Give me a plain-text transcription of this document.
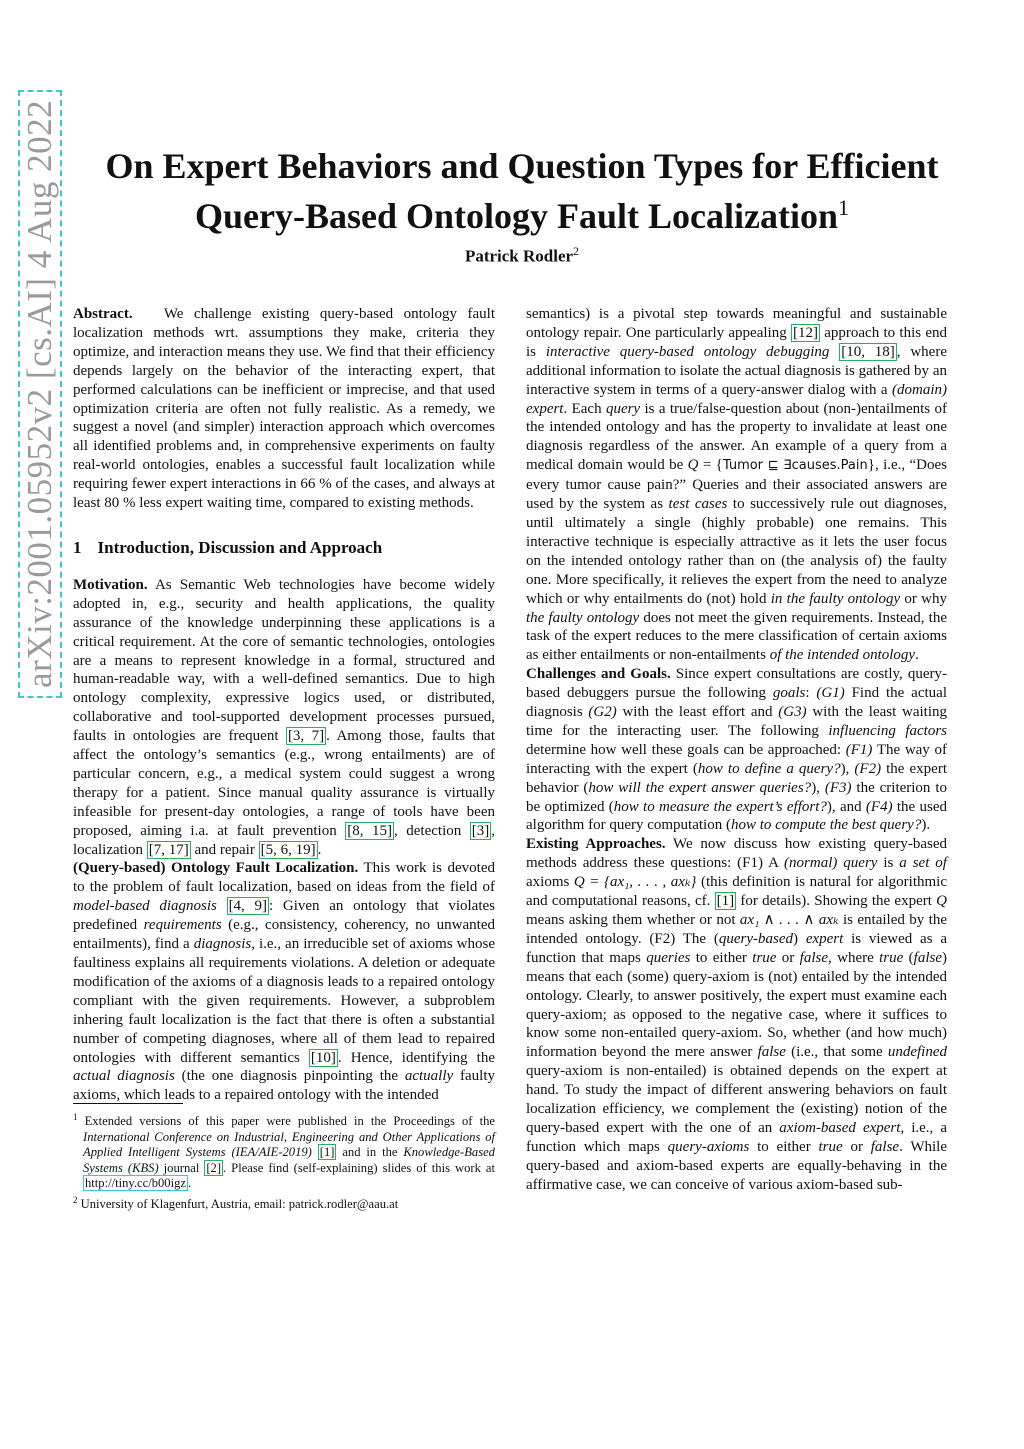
arXiv:2001.05952v2 [cs.AI] 4 Aug 2022	On Expert Behaviors and Question Types for Efficient
Query-Based Ontology Fault Localization$^1$
Patrick Rodler$^2$

Abstract. We challenge existing query-based ontology fault localization methods wrt. assumptions they make, criteria they optimize, and interaction means they use. We find that their efficiency depends largely on the behavior of the interacting expert, that performed calculations can be inefficient or imprecise, and that used optimization criteria are often not fully realistic. As a remedy, we suggest a novel (and simpler) interaction approach which overcomes all identified problems and, in comprehensive experiments on faulty real-world ontologies, enables a successful fault localization while requiring fewer expert interactions in 66 % of the cases, and always at least 80 % less expert waiting time, compared to existing methods.

1 Introduction, Discussion and Approach

Motivation. As Semantic Web technologies have become widely adopted in, e.g., security and health applications, the quality assurance of the knowledge underpinning these applications is a critical requirement. At the core of semantic technologies, ontologies are a means to represent knowledge in a formal, structured and human-readable way, with a well-defined semantics. Due to high ontology complexity, expressive logics used, or distributed, collaborative and tool-supported development processes pursued, faults in ontologies are frequent [3, 7] . Among those, faults that affect the ontology’s semantics (e.g., wrong entailments) are of particular concern, e.g., a medical system could suggest a wrong therapy for a patient. Since manual quality assurance is virtually infeasible for present-day ontologies, a range of tools have been proposed, aiming i.a. at fault prevention [8, 15] , detection [3] , localization [7, 17] and repair [5, 6, 19] .

(Query-based) Ontology Fault Localization. This work is devoted to the problem of fault localization, based on ideas from the field of model-based diagnosis [4, 9] : Given an ontology that violates predefined requirements (e.g., consistency, coherency, no unwanted entailments), find a diagnosis, i.e., an irreducible set of axioms whose faultiness explains all requirements violations. A deletion or adequate modification of the axioms of a diagnosis leads to a repaired ontology compliant with the given requirements. However, a subproblem inhering fault localization is the fact that there is often a substantial number of competing diagnoses, where all of them lead to repaired ontologies with different semantics [10] . Hence, identifying the actual diagnosis (the one diagnosis pinpointing the actually faulty axioms, which leads to a repaired ontology with the intended

$^1$ Extended versions of this paper were published in the Proceedings of the International Conference on Industrial, Engineering and Other Applications of Applied Intelligent Systems (IEA/AIE-2019) [1] and in the Knowledge-Based Systems (KBS) journal [2] . Please find (self-explaining) slides of this work at http://tiny.cc/b00igz .

$^2$ University of Klagenfurt, Austria, email: patrick.rodler@aau.at

semantics) is a pivotal step towards meaningful and sustainable ontology repair. One particularly appealing [12] approach to this end is interactive query-based ontology debugging [10, 18] , where additional information to isolate the actual diagnosis is gathered by an interactive system in terms of a query-answer dialog with a (domain) expert. Each query is a true/false-question about (non-)entailments of the intended ontology and has the property to invalidate at least one diagnosis regardless of the answer. An example of a query from a medical domain would be Q = {Tumor ⊑ ∃causes.Pain}, i.e., “Does every tumor cause pain?” Queries and their associated answers are used by the system as test cases to successively rule out diagnoses, until ultimately a single (highly probable) one remains. This interactive technique is especially attractive as it lets the user focus on the intended ontology rather than on (the analysis of) the faulty one. More specifically, it relieves the expert from the need to analyze which or why entailments do (not) hold in the faulty ontology or why the faulty ontology does not meet the given requirements. Instead, the task of the expert reduces to the mere classification of certain axioms as either entailments or non-entailments of the intended ontology.

Challenges and Goals. Since expert consultations are costly, query-based debuggers pursue the following goals: (G1) Find the actual diagnosis (G2) with the least effort and (G3) with the least waiting time for the interacting user. The following influencing factors determine how well these goals can be approached: (F1) The way of interacting with the expert (how to define a query?), (F2) the expert behavior (how will the expert answer queries?), (F3) the criterion to be optimized (how to measure the expert’s effort?), and (F4) the used algorithm for query computation (how to compute the best query?).

Existing Approaches. We now discuss how existing query-based methods address these questions: (F1) A (normal) query is a set of axioms Q = {ax₁, . . . , axₖ} (this definition is natural for algorithmic and computational reasons, cf. [1] for details). Showing the expert Q means asking them whether or not ax₁ ∧ . . . ∧ axₖ is entailed by the intended ontology. (F2) The (query-based) expert is viewed as a function that maps queries to either true or false, where true (false) means that each (some) query-axiom is (not) entailed by the intended ontology. Clearly, to answer positively, the expert must examine each query-axiom; as opposed to the negative case, where it suffices to know some non-entailed query-axiom. So, whether (and how much) information beyond the mere answer false (i.e., that some undefined query-axiom is non-entailed) is obtained depends on the expert at hand. To study the impact of different answering behaviors on fault localization efficiency, we complement the (existing) notion of the query-based expert with the one of an axiom-based expert, i.e., a function which maps query-axioms to either true or false. While query-based and axiom-based experts are equally-behaving in the affirmative case, we can conceive of various axiom-based sub-
